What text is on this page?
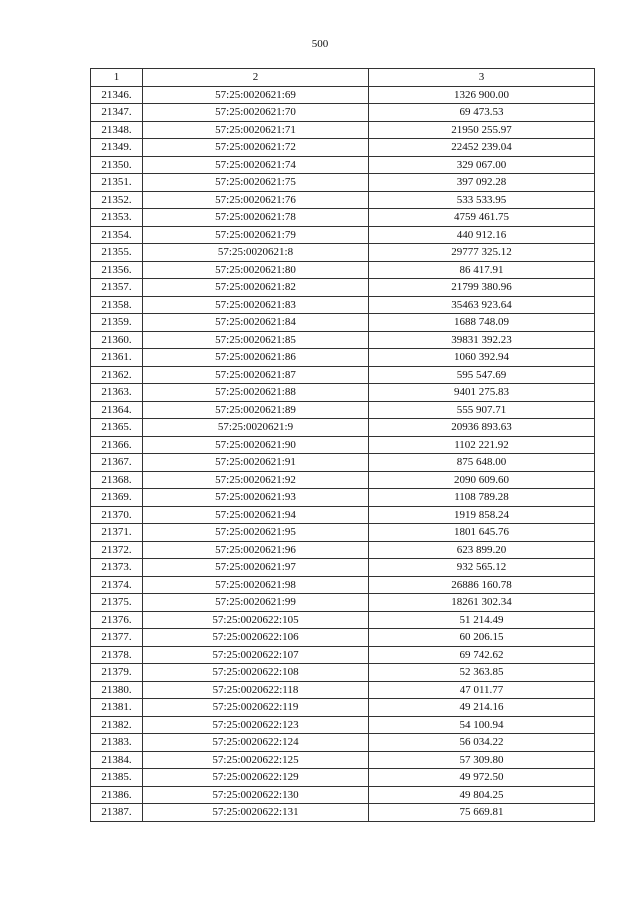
500
1	2	3
21346.	57:25:0020621:69	1326 900.00
21347.	57:25:0020621:70	69 473.53
21348.	57:25:0020621:71	21950 255.97
21349.	57:25:0020621:72	22452 239.04
21350.	57:25:0020621:74	329 067.00
21351.	57:25:0020621:75	397 092.28
21352.	57:25:0020621:76	533 533.95
21353.	57:25:0020621:78	4759 461.75
21354.	57:25:0020621:79	440 912.16
21355.	57:25:0020621:8	29777 325.12
21356.	57:25:0020621:80	86 417.91
21357.	57:25:0020621:82	21799 380.96
21358.	57:25:0020621:83	35463 923.64
21359.	57:25:0020621:84	1688 748.09
21360.	57:25:0020621:85	39831 392.23
21361.	57:25:0020621:86	1060 392.94
21362.	57:25:0020621:87	595 547.69
21363.	57:25:0020621:88	9401 275.83
21364.	57:25:0020621:89	555 907.71
21365.	57:25:0020621:9	20936 893.63
21366.	57:25:0020621:90	1102 221.92
21367.	57:25:0020621:91	875 648.00
21368.	57:25:0020621:92	2090 609.60
21369.	57:25:0020621:93	1108 789.28
21370.	57:25:0020621:94	1919 858.24
21371.	57:25:0020621:95	1801 645.76
21372.	57:25:0020621:96	623 899.20
21373.	57:25:0020621:97	932 565.12
21374.	57:25:0020621:98	26886 160.78
21375.	57:25:0020621:99	18261 302.34
21376.	57:25:0020622:105	51 214.49
21377.	57:25:0020622:106	60 206.15
21378.	57:25:0020622:107	69 742.62
21379.	57:25:0020622:108	52 363.85
21380.	57:25:0020622:118	47 011.77
21381.	57:25:0020622:119	49 214.16
21382.	57:25:0020622:123	54 100.94
21383.	57:25:0020622:124	56 034.22
21384.	57:25:0020622:125	57 309.80
21385.	57:25:0020622:129	49 972.50
21386.	57:25:0020622:130	49 804.25
21387.	57:25:0020622:131	75 669.81
